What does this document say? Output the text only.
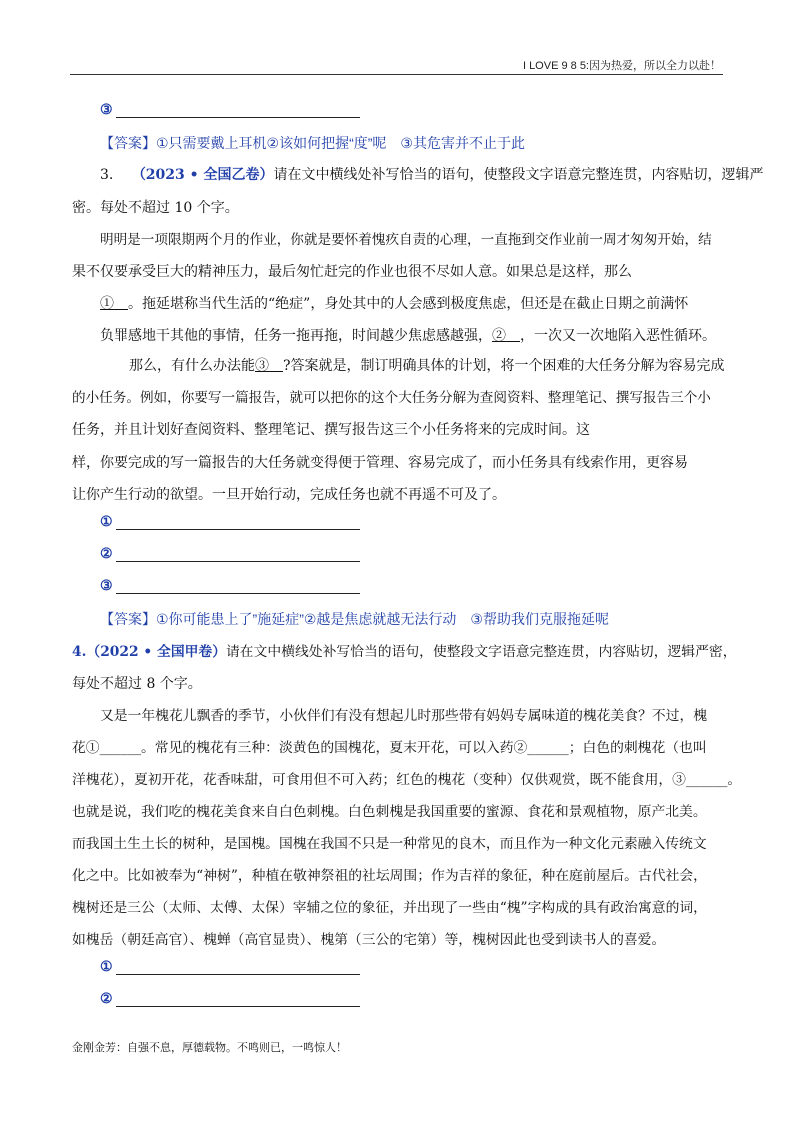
I LOVE 9 8 5:因为热爱，所以全力以赴！
③
【答案】①只需要戴上耳机②该如何把握“度”呢　③其危害并不止于此
3. （2023 • 全国乙卷）请在文中横线处补写恰当的语句，使整段文字语意完整连贯，内容贴切，逻辑严
密。每处不超过 10 个字。
明明是一项限期两个月的作业，你就是要怀着愧疚自责的心理，一直拖到交作业前一周才匆匆开始，结
果不仅要承受巨大的精神压力，最后匆忙赶完的作业也很不尽如人意。如果总是这样，那么
①　。拖延堪称当代生活的“绝症”，身处其中的人会感到极度焦虑，但还是在截止日期之前满怀
负罪感地干其他的事情，任务一拖再拖，时间越少焦虑感越强，②　，一次又一次地陷入恶性循环。
那么，有什么办法能③　?答案就是，制订明确具体的计划，将一个困难的大任务分解为容易完成
的小任务。例如，你要写一篇报告，就可以把你的这个大任务分解为查阅资料、整理笔记、撰写报告三个小
任务，并且计划好查阅资料、整理笔记、撰写报告这三个小任务将来的完成时间。这
样，你要完成的写一篇报告的大任务就变得便于管理、容易完成了，而小任务具有线索作用，更容易
让你产生行动的欲望。一旦开始行动，完成任务也就不再遥不可及了。
①
②
③
【答案】①你可能患上了”施延症”②越是焦虑就越无法行动　③帮助我们克服拖延呢
4.（2022 • 全国甲卷）请在文中横线处补写恰当的语句，使整段文字语意完整连贯，内容贴切，逻辑严密，
每处不超过 8 个字。
又是一年槐花儿飘香的季节，小伙伴们有没有想起儿时那些带有妈妈专属味道的槐花美食？不过，槐
花①______。常见的槐花有三种：淡黄色的国槐花，夏末开花，可以入药②______；白色的刺槐花（也叫
洋槐花），夏初开花，花香味甜，可食用但不可入药；红色的槐花（变种）仅供观赏，既不能食用，③______。
也就是说，我们吃的槐花美食来自白色刺槐。白色刺槐是我国重要的蜜源、食花和景观植物，原产北美。
而我国土生土长的树种，是国槐。国槐在我国不只是一种常见的良木，而且作为一种文化元素融入传统文
化之中。比如被奉为“神树”，种植在敬神祭祖的社坛周围；作为吉祥的象征，种在庭前屋后。古代社会，
槐树还是三公（太师、太傅、太保）宰辅之位的象征，并出现了一些由“槐”字构成的具有政治寓意的词，
如槐岳（朝廷高官）、槐蝉（高官显贵）、槐第（三公的宅第）等，槐树因此也受到读书人的喜爱。
①
②
金刚金芳：自强不息，厚德载物。不鸣则已，一鸣惊人！
